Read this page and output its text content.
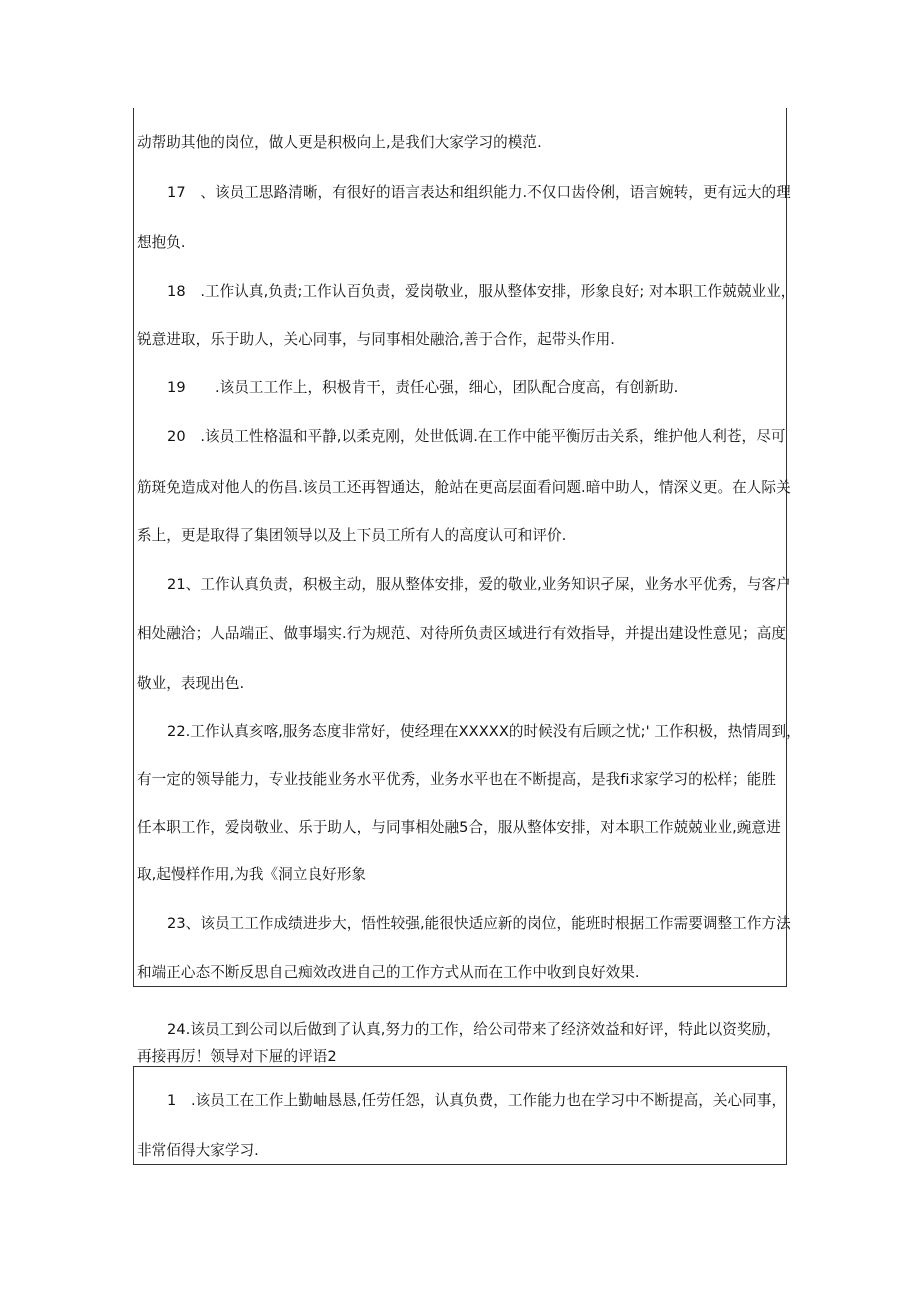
动帮助其他的岗位，做人更是积极向上,是我们大家学习的模范.
17　、该员工思路清晰，有很好的语言表达和组织能力.不仅口齿伶俐，语言婉转，更有远大的理
想抱负.
18　.工作认真,负责;工作认百负责，爱岗敬业，服从整体安排，形象良好; 对本职工作兢兢业业，
锐意进取，乐于助人，关心同事，与同事相处融洽,善于合作，起带头作用.
19　　.该员工工作上，积极肯干，责任心强，细心，团队配合度高，有创新助.
20　.该员工性格温和平静,以柔克刚，处世低调.在工作中能平衡厉击关系，维护他人利苍，尽可
筋斑免造成对他人的伤昌.该员工还再智通达，舱站在更高层面看问题.暗中助人，情深义更。在人际关
系上，更是取得了集团领导以及上下员工所有人的高度认可和评价.
21、工作认真负责，积极主动，服从整体安排，爱的敬业,业务知识孑屎，业务水平优秀，与客户
相处融洽；人品端正、做事塌实.行为规范、对待所负责区域进行有效指导，并提出建设性意见；高度
敬业，表现出色.
22.工作认真亥喀,服务态度非常好，使经理在XXXXX的时候没有后顾之忧;' 工作积极，热情周到，
有一定的领导能力，专业技能业务水平优秀，业务水平也在不断提高，是我fi求家学习的松样；能胜
任本职工作，爱岗敬业、乐于助人，与同事相处融5合，服从整体安排，对本职工作兢兢业业,豌意进
取,起慢样作用,为我《洞立良好形象
23、该员工工作成绩进步大，悟性较强,能很快适应新的岗位，能班时根据工作需要调整工作方法
和端正心态不断反思自己痴效改进自己的工作方式从而在工作中收到良好效果.
24.该员工到公司以后做到了认真,努力的工作，给公司带来了经济效益和好评，特此以资奖励，
再接再厉！领导对下屉的评语2
1　.该员工在工作上勤岫恳恳,任劳任怨，认真负费，工作能力也在学习中不断提高，关心同事，
非常佰得大家学习.
